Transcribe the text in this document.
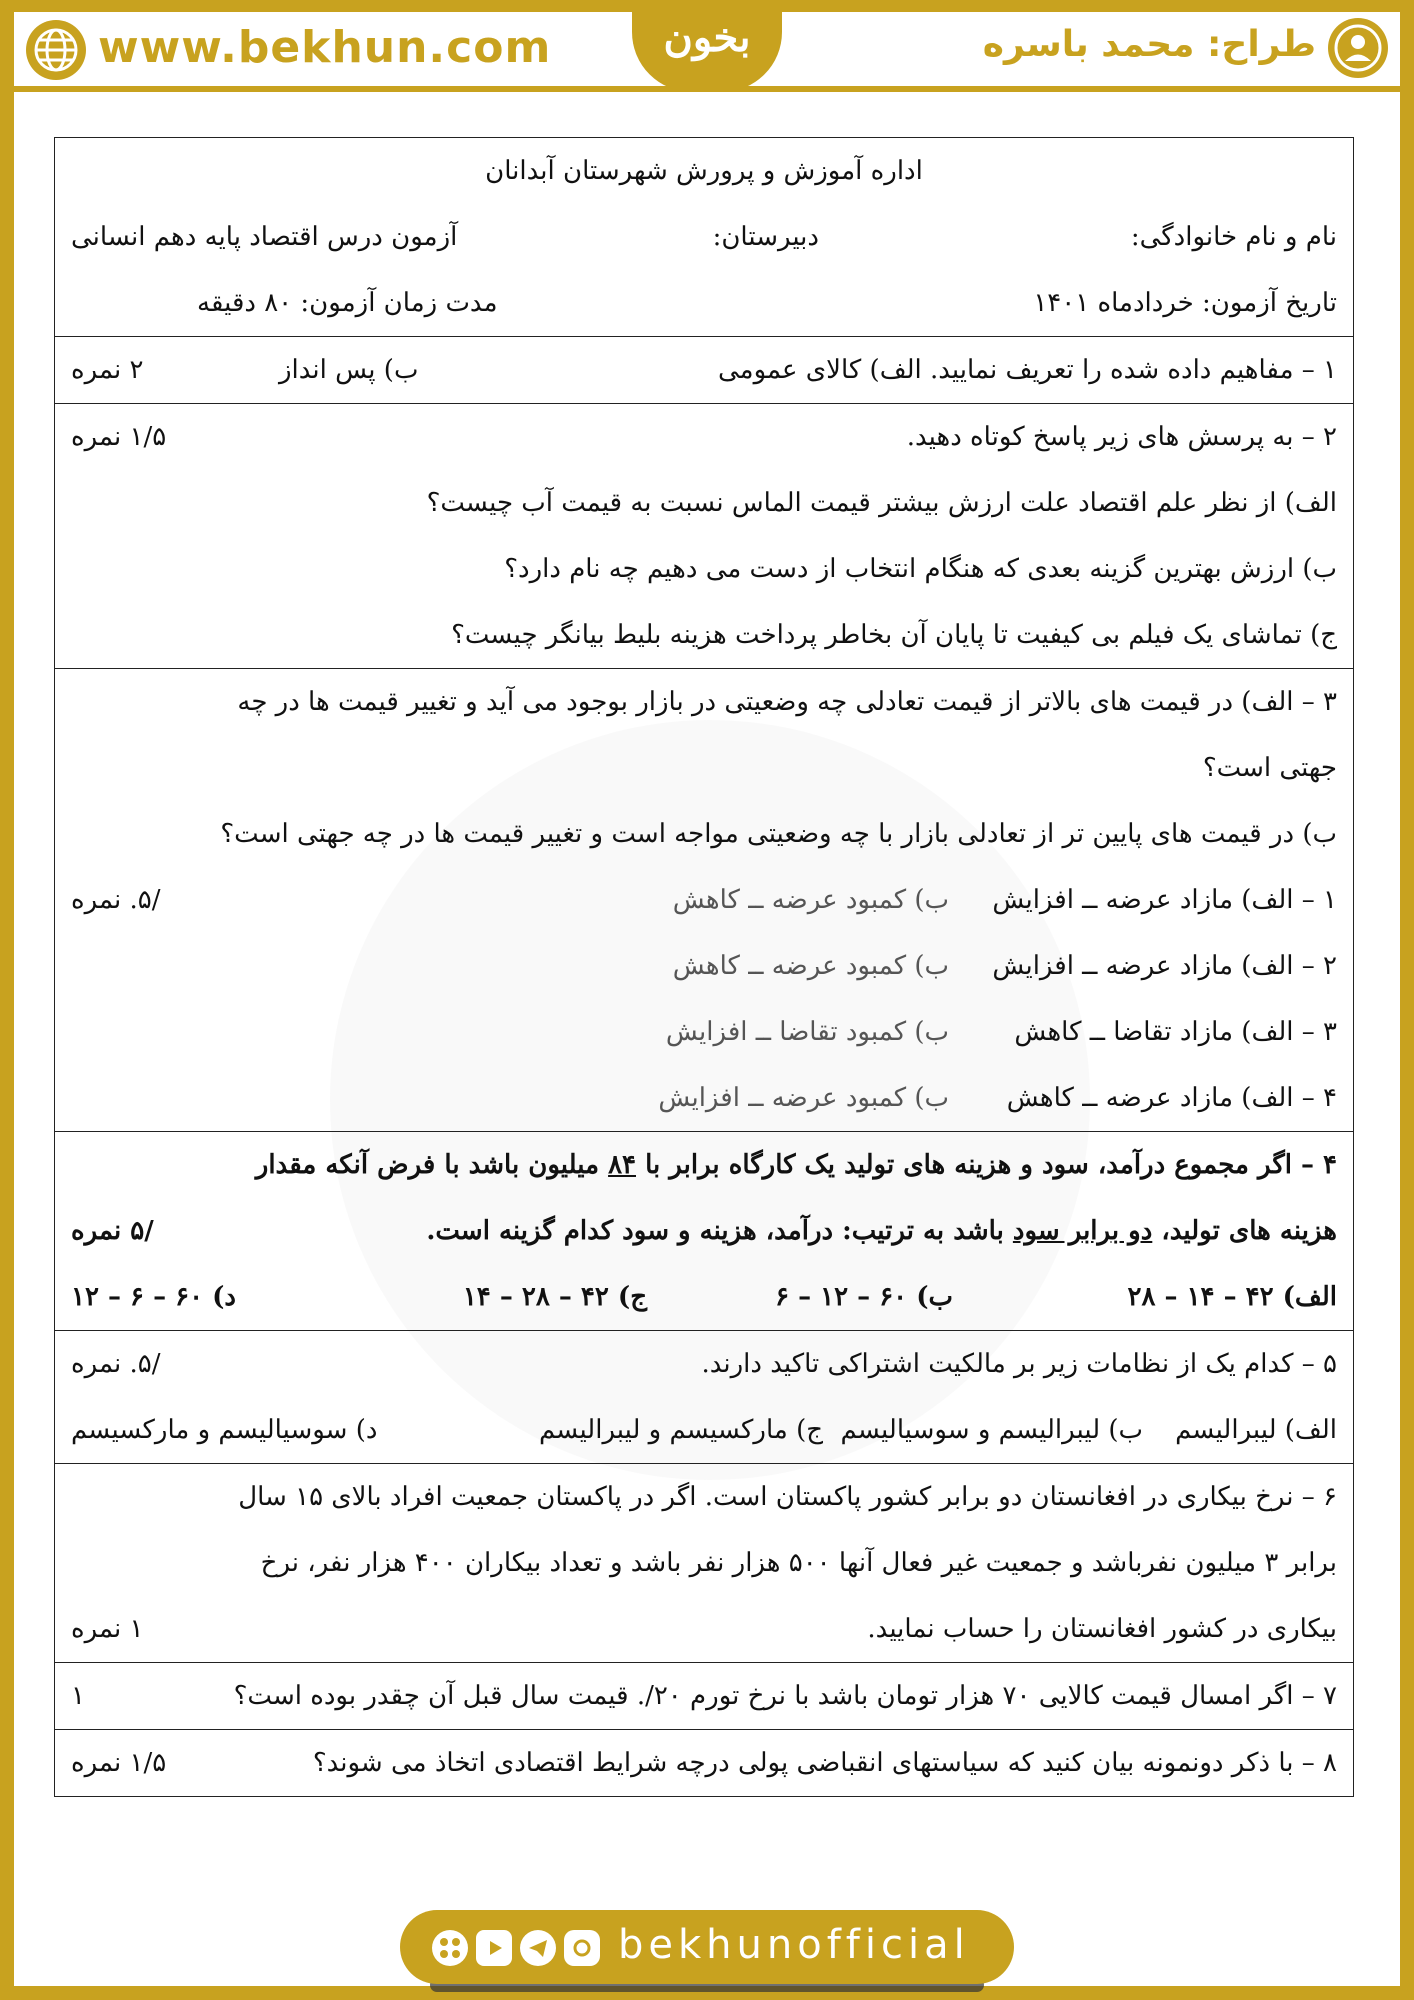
www.bekhun.com	بخون	طراح: محمد باسره
اداره آموزش و پرورش شهرستان آبدانان
نام و نام خانوادگی:
دبیرستان:
آزمون درس اقتصاد پایه دهم انسانی
تاریخ آزمون: خردادماه ۱۴۰۱
مدت زمان آزمون: ۸۰ دقیقه
۱ – مفاهیم داده شده را تعریف نمایید. الف) کالای عمومی
ب) پس انداز
۲ نمره
۲ – به پرسش های زیر پاسخ کوتاه دهید.
۱/۵ نمره
الف) از نظر علم اقتصاد علت ارزش بیشتر قیمت الماس نسبت به قیمت آب چیست؟
ب) ارزش بهترین گزینه بعدی که هنگام انتخاب از دست می دهیم چه نام دارد؟
ج) تماشای یک فیلم بی کیفیت تا پایان آن بخاطر پرداخت هزینه بلیط بیانگر چیست؟
۳ – الف) در قیمت های بالاتر از قیمت تعادلی چه وضعیتی در بازار بوجود می آید و تغییر قیمت ها در چه
جهتی است؟
ب) در قیمت های پایین تر از تعادلی بازار با چه وضعیتی مواجه است و تغییر قیمت ها در چه جهتی است؟
۱ – الف) مازاد عرضه ــ افزایش
ب) کمبود عرضه ــ کاهش
/۵. نمره
۲ – الف) مازاد عرضه ــ افزایش
ب) کمبود عرضه ــ کاهش
۳ – الف) مازاد تقاضا ــ کاهش
ب) کمبود تقاضا ــ افزایش
۴ – الف) مازاد عرضه ــ کاهش
ب) کمبود عرضه ــ افزایش
۴ – اگر مجموع درآمد، سود و هزینه های تولید یک کارگاه برابر با ۸۴ میلیون باشد با فرض آنکه مقدار
هزینه های تولید، دو برابر سود باشد به ترتیب: درآمد، هزینه و سود کدام گزینه است.
/۵ نمره
الف) ۴۲ – ۱۴ – ۲۸
ب) ۶۰ – ۱۲ – ۶
ج) ۴۲ – ۲۸ – ۱۴
د) ۶۰ – ۶ – ۱۲
۵ – کدام یک از نظامات زیر بر مالکیت اشتراکی تاکید دارند.
/۵. نمره
الف) لیبرالیسم
ب) لیبرالیسم و سوسیالیسم
ج) مارکسیسم و لیبرالیسم
د) سوسیالیسم و مارکسیسم
۶ – نرخ بیکاری در افغانستان دو برابر کشور پاکستان است. اگر در پاکستان جمعیت افراد بالای ۱۵ سال
برابر ۳ میلیون نفرباشد و جمعیت غیر فعال آنها ۵۰۰ هزار نفر باشد و تعداد بیکاران ۴۰۰ هزار نفر، نرخ
بیکاری در کشور افغانستان را حساب نمایید.
۱ نمره
۷ – اگر امسال قیمت کالایی ۷۰ هزار تومان باشد با نرخ تورم ۲۰/. قیمت سال قبل آن چقدر بوده است؟
۱
۸ – با ذکر دونمونه بیان کنید که سیاستهای انقباضی پولی درچه شرایط اقتصادی اتخاذ می شوند؟
۱/۵ نمره
bekhunofficial
